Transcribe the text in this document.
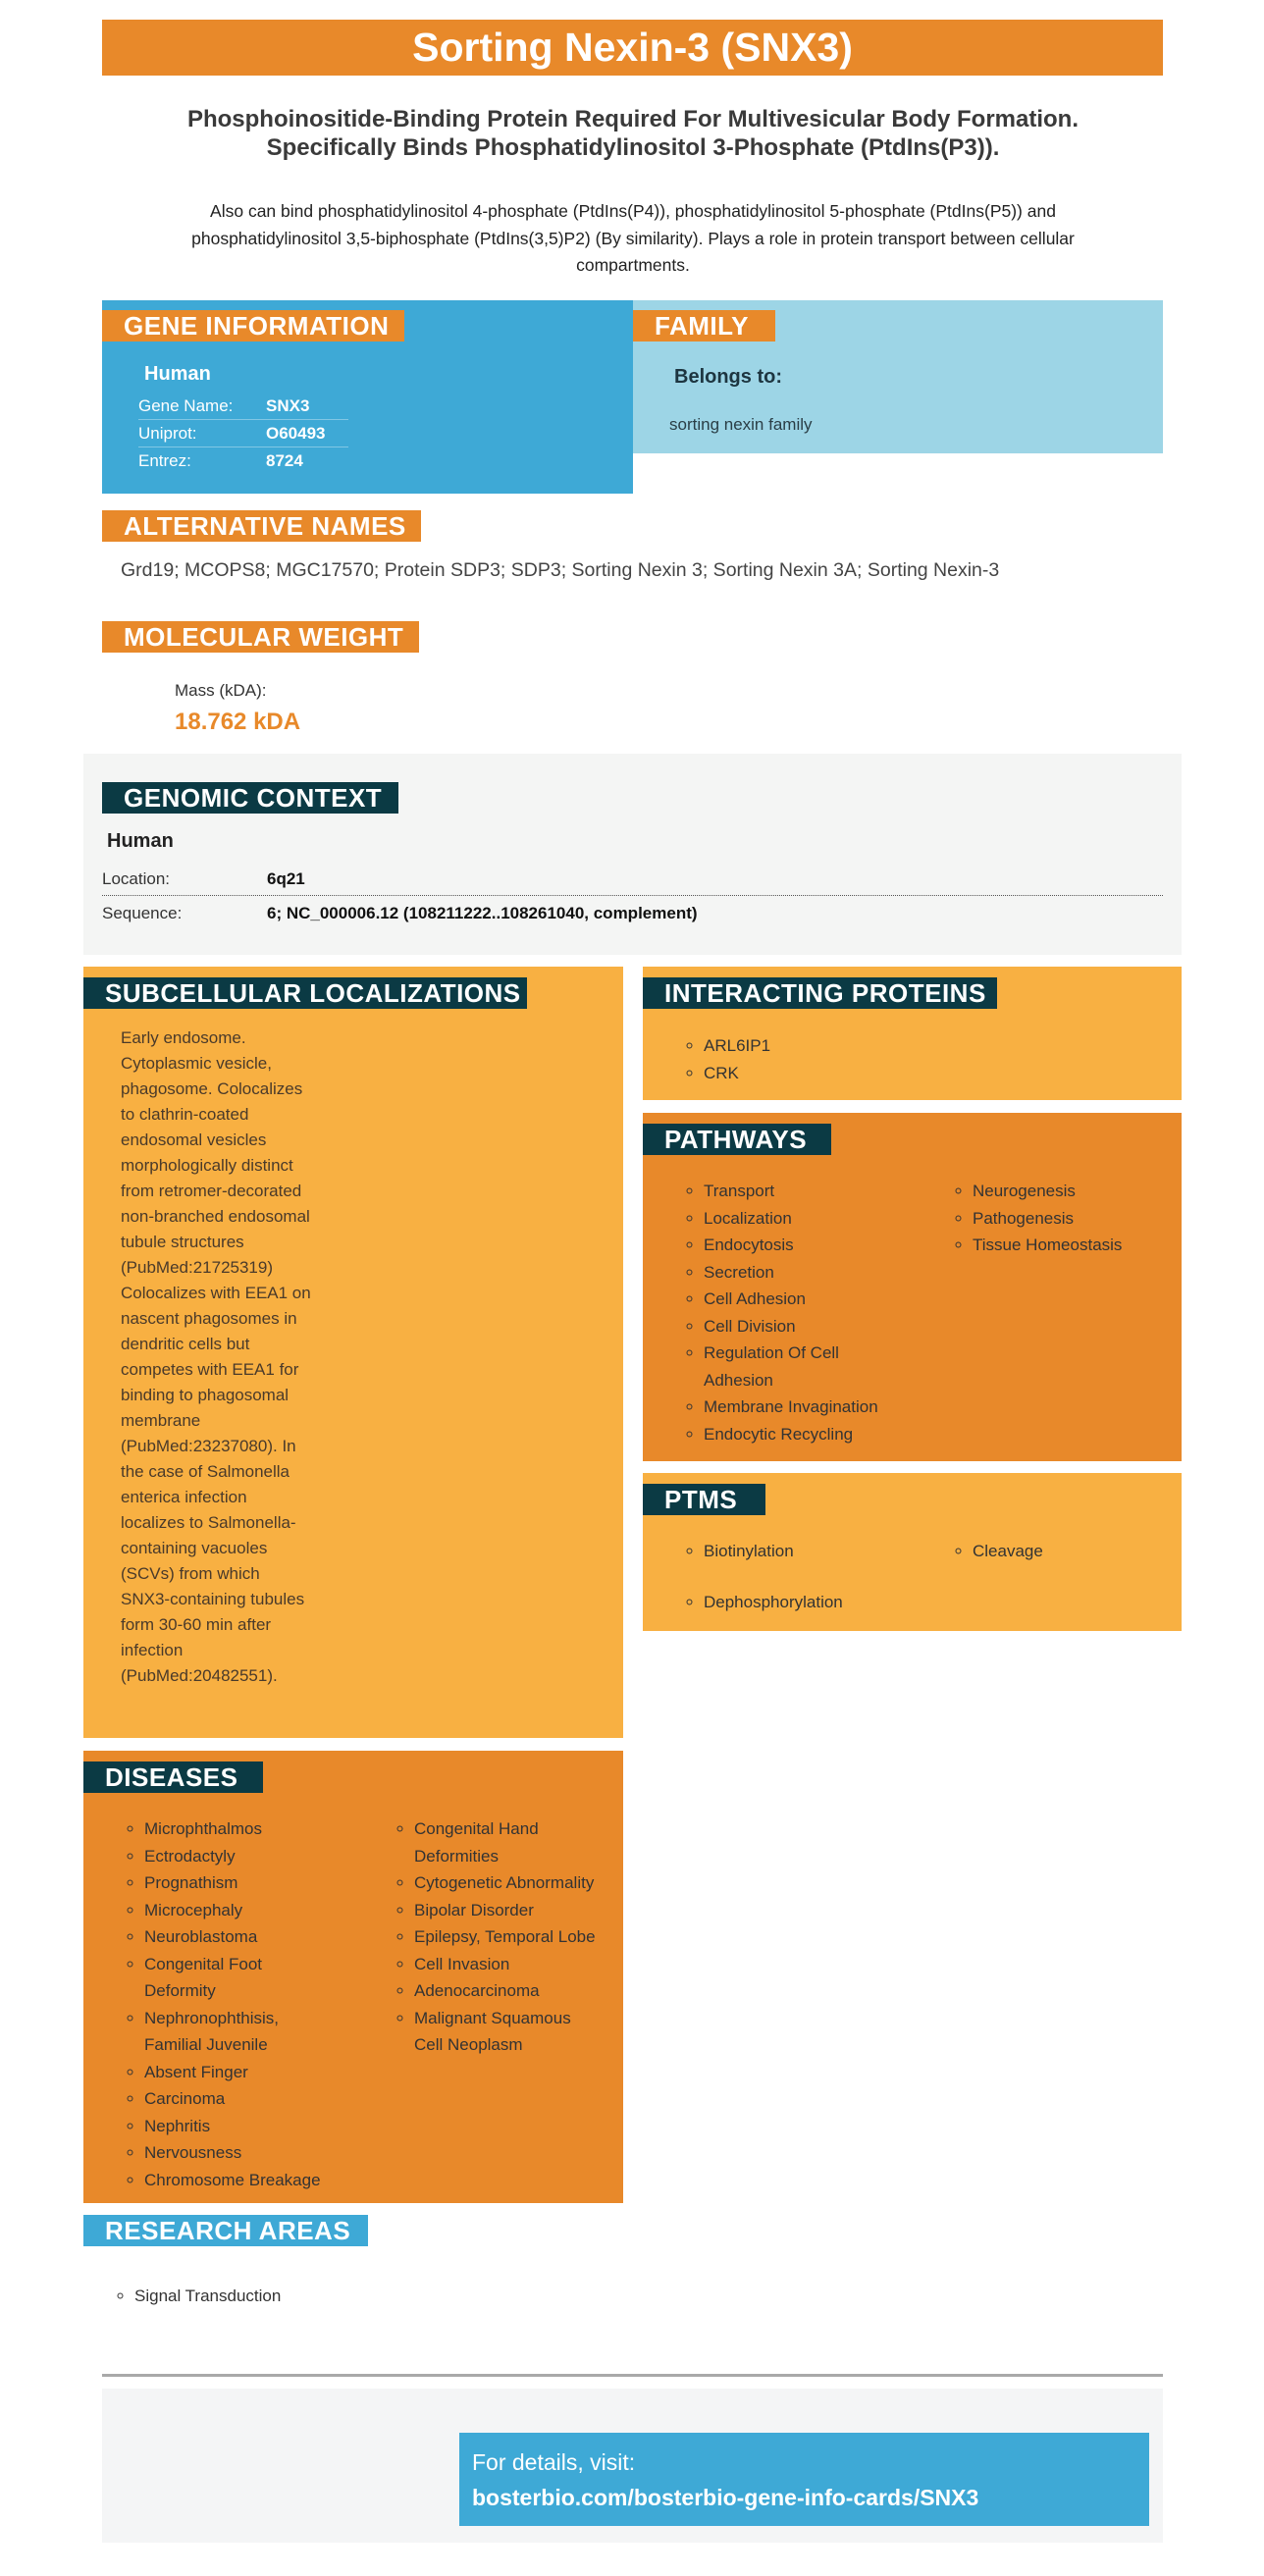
Sorting Nexin-3 (SNX3)
Phosphoinositide-Binding Protein Required For Multivesicular Body Formation. Specifically Binds Phosphatidylinositol 3-Phosphate (PtdIns(P3)).
Also can bind phosphatidylinositol 4-phosphate (PtdIns(P4)), phosphatidylinositol 5-phosphate (PtdIns(P5)) and phosphatidylinositol 3,5-biphosphate (PtdIns(3,5)P2) (By similarity). Plays a role in protein transport between cellular compartments.
GENE INFORMATION
Human
Gene Name:	SNX3
Uniprot:	O60493
Entrez:	8724
FAMILY
Belongs to:
sorting nexin family
ALTERNATIVE NAMES
Grd19; MCOPS8; MGC17570; Protein SDP3; SDP3; Sorting Nexin 3; Sorting Nexin 3A; Sorting Nexin-3
MOLECULAR WEIGHT
Mass (kDA):
18.762 kDA
GENOMIC CONTEXT
Human
Location:	6q21
Sequence:	6; NC_000006.12 (108211222..108261040, complement)
SUBCELLULAR LOCALIZATIONS
Early endosome.
Cytoplasmic vesicle,
phagosome. Colocalizes
to clathrin-coated
endosomal vesicles
morphologically distinct
from retromer-decorated
non-branched endosomal
tubule structures
(PubMed:21725319)
Colocalizes with EEA1 on
nascent phagosomes in
dendritic cells but
competes with EEA1 for
binding to phagosomal
membrane
(PubMed:23237080). In
the case of Salmonella
enterica infection
localizes to Salmonella-
containing vacuoles
(SCVs) from which
SNX3-containing tubules
form 30-60 min after
infection
(PubMed:20482551).
INTERACTING PROTEINS
◦ ARL6IP1
◦ CRK
PATHWAYS
◦ Transport
◦ Localization
◦ Endocytosis
◦ Secretion
◦ Cell Adhesion
◦ Cell Division
◦ Regulation Of Cell Adhesion
◦ Membrane Invagination
◦ Endocytic Recycling
◦ Neurogenesis
◦ Pathogenesis
◦ Tissue Homeostasis
PTMS
◦ Biotinylation
◦ Dephosphorylation
◦ Cleavage
DISEASES
◦ Microphthalmos
◦ Ectrodactyly
◦ Prognathism
◦ Microcephaly
◦ Neuroblastoma
◦ Congenital Foot Deformity
◦ Nephronophthisis, Familial Juvenile
◦ Absent Finger
◦ Carcinoma
◦ Nephritis
◦ Nervousness
◦ Chromosome Breakage
◦ Congenital Hand Deformities
◦ Cytogenetic Abnormality
◦ Bipolar Disorder
◦ Epilepsy, Temporal Lobe
◦ Cell Invasion
◦ Adenocarcinoma
◦ Malignant Squamous Cell Neoplasm
RESEARCH AREAS
◦ Signal Transduction
For details, visit:
bosterbio.com/bosterbio-gene-info-cards/SNX3
